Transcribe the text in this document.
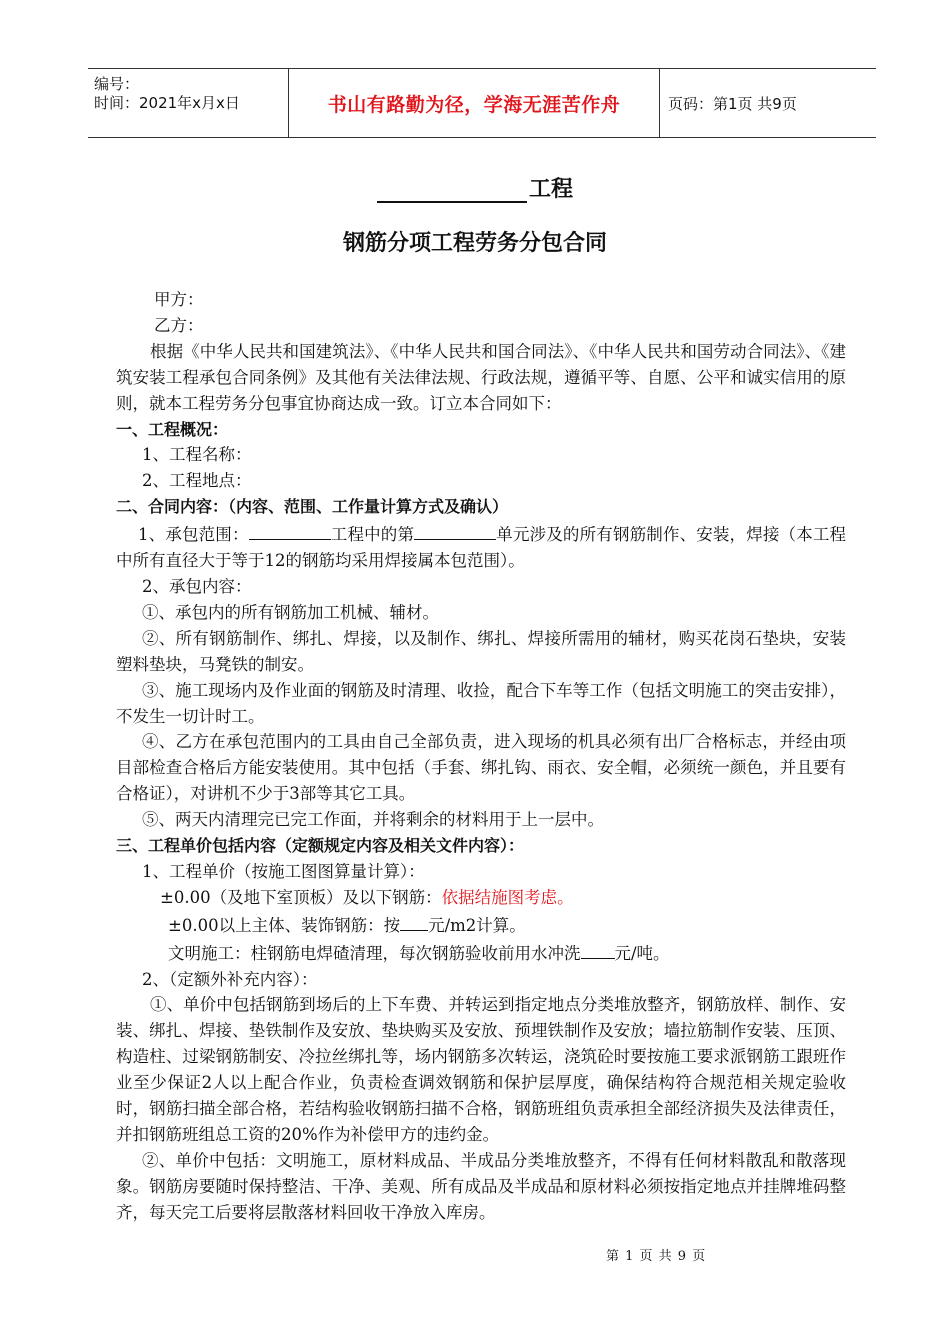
编号：
时间：2021年x月x日	书山有路勤为径，学海无涯苦作舟	页码：第1页 共9页
工程
钢筋分项工程劳务分包合同

甲方：

乙方：

根据《中华人民共和国建筑法》、《中华人民共和国合同法》、《中华人民共和国劳动合同法》、《建筑安装工程承包合同条例》及其他有关法律法规、行政法规，遵循平等、自愿、公平和诚实信用的原则，就本工程劳务分包事宜协商达成一致。订立本合同如下：

一、工程概况：

1、工程名称：

2、工程地点：

二、合同内容：（内容、范围、工作量计算方式及确认）

1、承包范围：	工程中的第	单元涉及的所有钢筋制作、安装，焊接（本工程中所有直径大于等于12的钢筋均采用焊接属本包范围）。

2、承包内容：

①、承包内的所有钢筋加工机械、辅材。

②、所有钢筋制作、绑扎、焊接，以及制作、绑扎、焊接所需用的辅材，购买花岗石垫块，安装塑料垫块，马凳铁的制安。

③、施工现场内及作业面的钢筋及时清理、收捡，配合下车等工作（包括文明施工的突击安排），不发生一切计时工。

④、乙方在承包范围内的工具由自己全部负责，进入现场的机具必须有出厂合格标志，并经由项目部检查合格后方能安装使用。其中包括（手套、绑扎钩、雨衣、安全帽，必须统一颜色，并且要有合格证），对讲机不少于3部等其它工具。

⑤、两天内清理完已完工作面，并将剩余的材料用于上一层中。

三、工程单价包括内容（定额规定内容及相关文件内容）：

1、工程单价（按施工图图算量计算）：

±0.00（及地下室顶板）及以下钢筋：依据结施图考虑。

±0.00以上主体、装饰钢筋：按 元/m2计算。

文明施工：柱钢筋电焊碴清理，每次钢筋验收前用水冲洗 元/吨。

2、（定额外补充内容）：

①、单价中包括钢筋到场后的上下车费、并转运到指定地点分类堆放整齐，钢筋放样、制作、安装、绑扎、焊接、垫铁制作及安放、垫块购买及安放、预埋铁制作及安放；墙拉筋制作安装、压顶、构造柱、过梁钢筋制安、冷拉丝绑扎等，场内钢筋多次转运，浇筑砼时要按施工要求派钢筋工跟班作业至少保证2人以上配合作业，负责检查调效钢筋和保护层厚度，确保结构符合规范相关规定验收时，钢筋扫描全部合格，若结构验收钢筋扫描不合格，钢筋班组负责承担全部经济损失及法律责任，并扣钢筋班组总工资的20%作为补偿甲方的违约金。

②、单价中包括：文明施工，原材料成品、半成品分类堆放整齐，不得有任何材料散乱和散落现象。钢筋房要随时保持整洁、干净、美观、所有成品及半成品和原材料必须按指定地点并挂牌堆码整齐，每天完工后要将层散落材料回收干净放入库房。

第 1 页 共 9 页
